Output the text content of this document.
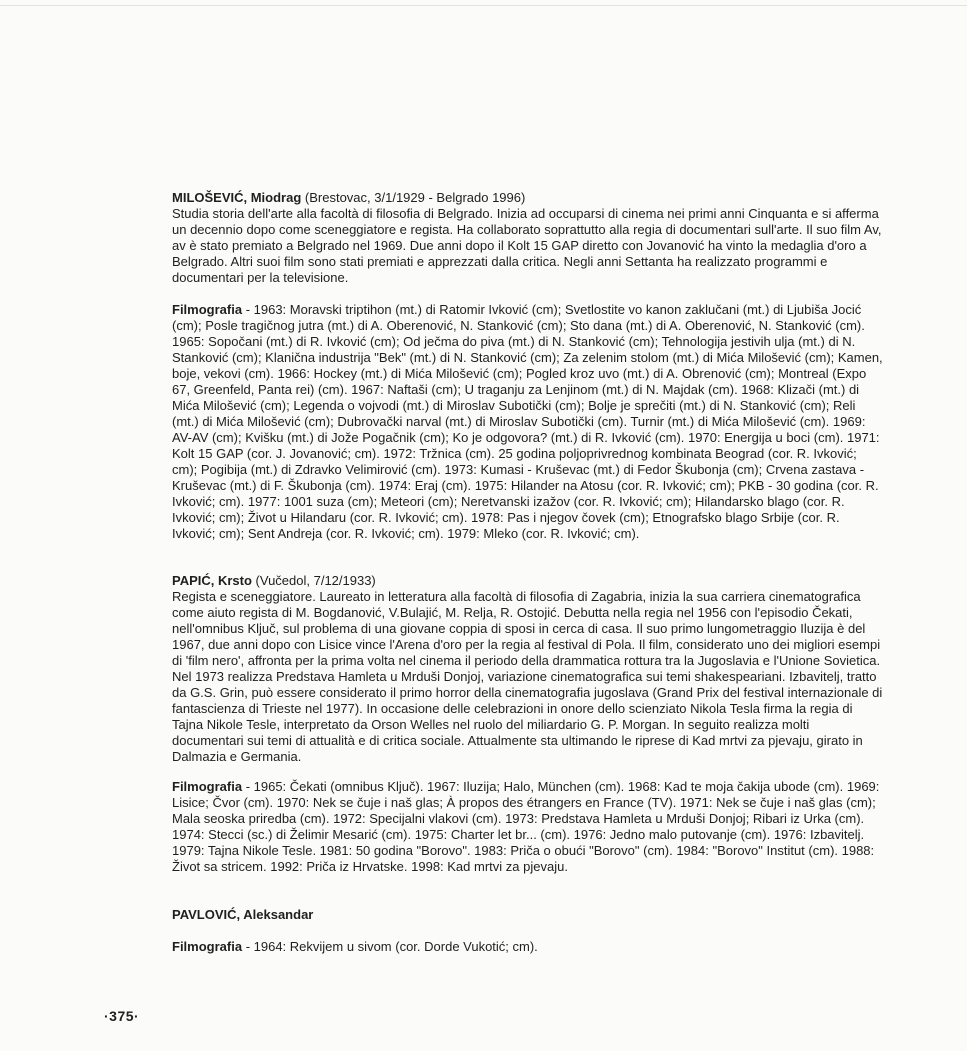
MILOŠEVIĆ, Miodrag (Brestovac, 3/1/1929 - Belgrado 1996)

Studia storia dell'arte alla facoltà di filosofia di Belgrado. Inizia ad occuparsi di cinema nei primi anni Cinquanta e si afferma un decennio dopo come sceneggiatore e regista. Ha collaborato soprattutto alla regia di documentari sull'arte. Il suo film Av, av è stato premiato a Belgrado nel 1969. Due anni dopo il Kolt 15 GAP diretto con Jovanović ha vinto la medaglia d'oro a Belgrado. Altri suoi film sono stati premiati e apprezzati dalla critica. Negli anni Settanta ha realizzato programmi e documentari per la televisione.

Filmografia - 1963: Moravski triptihon (mt.) di Ratomir Ivković (cm); Svetlostite vo kanon zaklučani (mt.) di Ljubiša Jocić (cm); Posle tragičnog jutra (mt.) di A. Oberenović, N. Stanković (cm); Sto dana (mt.) di A. Oberenović, N. Stanković (cm). 1965: Sopočani (mt.) di R. Ivković (cm); Od ječma do piva (mt.) di N. Stanković (cm); Tehnologija jestivih ulja (mt.) di N. Stanković (cm); Klanična industrija "Bek" (mt.) di N. Stanković (cm); Za zelenim stolom (mt.) di Mića Milošević (cm); Kamen, boje, vekovi (cm). 1966: Hockey (mt.) di Mića Milošević (cm); Pogled kroz uvo (mt.) di A. Obrenović (cm); Montreal (Expo 67, Greenfeld, Panta rei) (cm). 1967: Naftaši (cm); U traganju za Lenjinom (mt.) di N. Majdak (cm). 1968: Klizači (mt.) di Mića Milošević (cm); Legenda o vojvodi (mt.) di Miroslav Subotički (cm); Bolje je sprečiti (mt.) di N. Stanković (cm); Reli (mt.) di Mića Milošević (cm); Dubrovački narval (mt.) di Miroslav Subotički (cm). Turnir (mt.) di Mića Milošević (cm). 1969: AV-AV (cm); Kvišku (mt.) di Jože Pogačnik (cm); Ko je odgovora? (mt.) di R. Ivković (cm). 1970: Energija u boci (cm). 1971: Kolt 15 GAP (cor. J. Jovanović; cm). 1972: Tržnica (cm). 25 godina poljoprivrednog kombinata Beograd (cor. R. Ivković; cm); Pogibija (mt.) di Zdravko Velimirović (cm). 1973: Kumasi - Kruševac (mt.) di Fedor Škubonja (cm); Crvena zastava - Kruševac (mt.) di F. Škubonja (cm). 1974: Eraj (cm). 1975: Hilander na Atosu (cor. R. Ivković; cm); PKB - 30 godina (cor. R. Ivković; cm). 1977: 1001 suza (cm); Meteori (cm); Neretvanski izažov (cor. R. Ivković; cm); Hilandarsko blago (cor. R. Ivković; cm); Život u Hilandaru (cor. R. Ivković; cm). 1978: Pas i njegov čovek (cm); Etnografsko blago Srbije (cor. R. Ivković; cm); Sent Andreja (cor. R. Ivković; cm). 1979: Mleko (cor. R. Ivković; cm).

PAPIĆ, Krsto (Vučedol, 7/12/1933)

Regista e sceneggiatore. Laureato in letteratura alla facoltà di filosofia di Zagabria, inizia la sua carriera cinematografica come aiuto regista di M. Bogdanović, V.Bulajić, M. Relja, R. Ostojić. Debutta nella regia nel 1956 con l'episodio Čekati, nell'omnibus Ključ, sul problema di una giovane coppia di sposi in cerca di casa. Il suo primo lungometraggio Iluzija è del 1967, due anni dopo con Lisice vince l'Arena d'oro per la regia al festival di Pola. Il film, considerato uno dei migliori esempi di 'film nero', affronta per la prima volta nel cinema il periodo della drammatica rottura tra la Jugoslavia e l'Unione Sovietica. Nel 1973 realizza Predstava Hamleta u Mrduši Donjoj, variazione cinematografica sui temi shakespeariani. Izbavitelj, tratto da G.S. Grin, può essere considerato il primo horror della cinematografia jugoslava (Grand Prix del festival internazionale di fantascienza di Trieste nel 1977). In occasione delle celebrazioni in onore dello scienziato Nikola Tesla firma la regia di Tajna Nikole Tesle, interpretato da Orson Welles nel ruolo del miliardario G. P. Morgan. In seguito realizza molti documentari sui temi di attualità e di critica sociale. Attualmente sta ultimando le riprese di Kad mrtvi za pjevaju, girato in Dalmazia e Germania.

Filmografia - 1965: Čekati (omnibus Ključ). 1967: Iluzija; Halo, München (cm). 1968: Kad te moja čakija ubode (cm). 1969: Lisice; Čvor (cm). 1970: Nek se čuje i naš glas; À propos des étrangers en France (TV). 1971: Nek se čuje i naš glas (cm); Mala seoska priredba (cm). 1972: Specijalni vlakovi (cm). 1973: Predstava Hamleta u Mrduši Donjoj; Ribari iz Urka (cm). 1974: Stecci (sc.) di Želimir Mesarić (cm). 1975: Charter let br... (cm). 1976: Jedno malo putovanje (cm). 1976: Izbavitelj. 1979: Tajna Nikole Tesle. 1981: 50 godina "Borovo". 1983: Priča o obući "Borovo" (cm). 1984: "Borovo" Institut (cm). 1988: Život sa stricem. 1992: Priča iz Hrvatske. 1998: Kad mrtvi za pjevaju.

PAVLOVIĆ, Aleksandar

Filmografia - 1964: Rekvijem u sivom (cor. Dorde Vukotić; cm).

·375·
